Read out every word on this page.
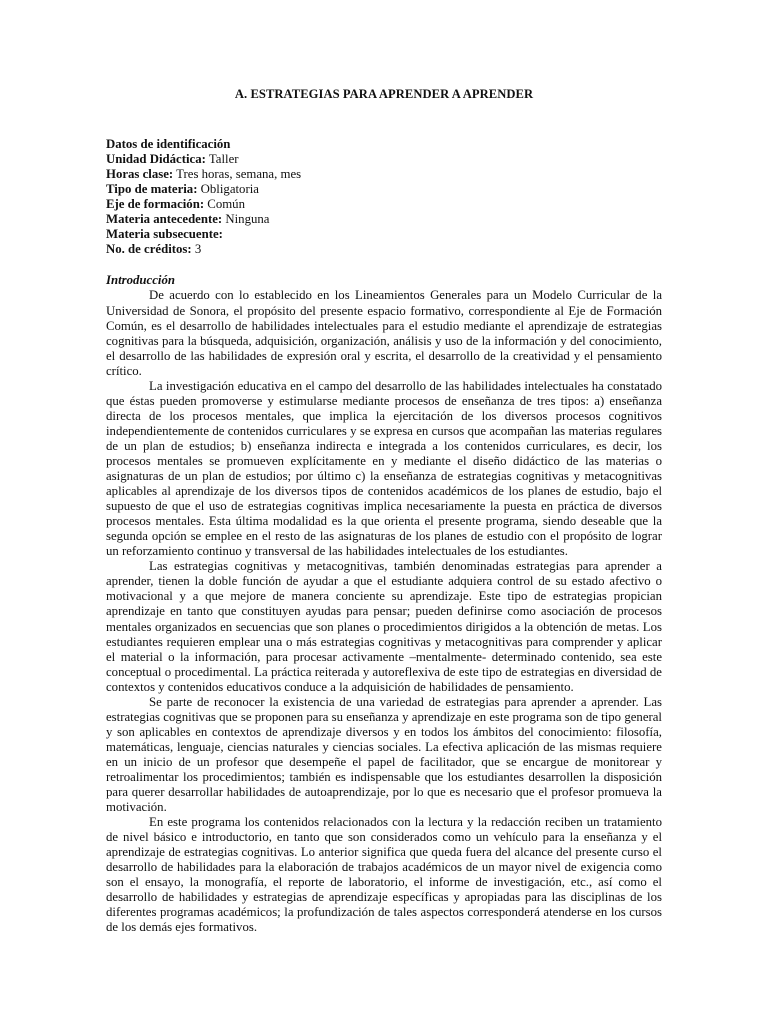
A. ESTRATEGIAS PARA APRENDER A APRENDER

Datos de identificación

Unidad Didáctica: Taller

Horas clase: Tres horas, semana, mes

Tipo de materia: Obligatoria

Eje de formación: Común

Materia antecedente: Ninguna

Materia subsecuente:

No. de créditos: 3

Introducción

De acuerdo con lo establecido en los Lineamientos Generales para un Modelo Curricular de la Universidad de Sonora, el propósito del presente espacio formativo, correspondiente al Eje de Formación Común, es el desarrollo de habilidades intelectuales para el estudio mediante el aprendizaje de estrategias cognitivas para la búsqueda, adquisición, organización, análisis y uso de la información y del conocimiento, el desarrollo de las habilidades de expresión oral y escrita, el desarrollo de la creatividad y el pensamiento crítico.

La investigación educativa en el campo del desarrollo de las habilidades intelectuales ha constatado que éstas pueden promoverse y estimularse mediante procesos de enseñanza de tres tipos: a) enseñanza directa de los procesos mentales, que implica la ejercitación de los diversos procesos cognitivos independientemente de contenidos curriculares y se expresa en cursos que acompañan las materias regulares de un plan de estudios; b) enseñanza indirecta e integrada a los contenidos curriculares, es decir, los procesos mentales se promueven explícitamente en y mediante el diseño didáctico de las materias o asignaturas de un plan de estudios; por último c) la enseñanza de estrategias cognitivas y metacognitivas aplicables al aprendizaje de los diversos tipos de contenidos académicos de los planes de estudio, bajo el supuesto de que el uso de estrategias cognitivas implica necesariamente la puesta en práctica de diversos procesos mentales. Esta última modalidad es la que orienta el presente programa, siendo deseable que la segunda opción se emplee en el resto de las asignaturas de los planes de estudio con el propósito de lograr un reforzamiento continuo y transversal de las habilidades intelectuales de los estudiantes.

Las estrategias cognitivas y metacognitivas, también denominadas estrategias para aprender a aprender, tienen la doble función de ayudar a que el estudiante adquiera control de su estado afectivo o motivacional y a que mejore de manera conciente su aprendizaje. Este tipo de estrategias propician aprendizaje en tanto que constituyen ayudas para pensar; pueden definirse como asociación de procesos mentales organizados en secuencias que son planes o procedimientos dirigidos a la obtención de metas. Los estudiantes requieren emplear una o más estrategias cognitivas y metacognitivas para comprender y aplicar el material o la información, para procesar activamente –mentalmente- determinado contenido, sea este conceptual o procedimental. La práctica reiterada y autoreflexiva de este tipo de estrategias en diversidad de contextos y contenidos educativos conduce a la adquisición de habilidades de pensamiento.

Se parte de reconocer la existencia de una variedad de estrategias para aprender a aprender. Las estrategias cognitivas que se proponen para su enseñanza y aprendizaje en este programa son de tipo general y son aplicables en contextos de aprendizaje diversos y en todos los ámbitos del conocimiento: filosofía, matemáticas, lenguaje, ciencias naturales y ciencias sociales. La efectiva aplicación de las mismas requiere en un inicio de un profesor que desempeñe el papel de facilitador, que se encargue de monitorear y retroalimentar los procedimientos; también es indispensable que los estudiantes desarrollen la disposición para querer desarrollar habilidades de autoaprendizaje, por lo que es necesario que el profesor promueva la motivación.

En este programa los contenidos relacionados con la lectura y la redacción reciben un tratamiento de nivel básico e introductorio, en tanto que son considerados como un vehículo para la enseñanza y el aprendizaje de estrategias cognitivas. Lo anterior significa que queda fuera del alcance del presente curso el desarrollo de habilidades para la elaboración de trabajos académicos de un mayor nivel de exigencia como son el ensayo, la monografía, el reporte de laboratorio, el informe de investigación, etc., así como el desarrollo de habilidades y estrategias de aprendizaje específicas y apropiadas para las disciplinas de los diferentes programas académicos; la profundización de tales aspectos corresponderá atenderse en los cursos de los demás ejes formativos.
